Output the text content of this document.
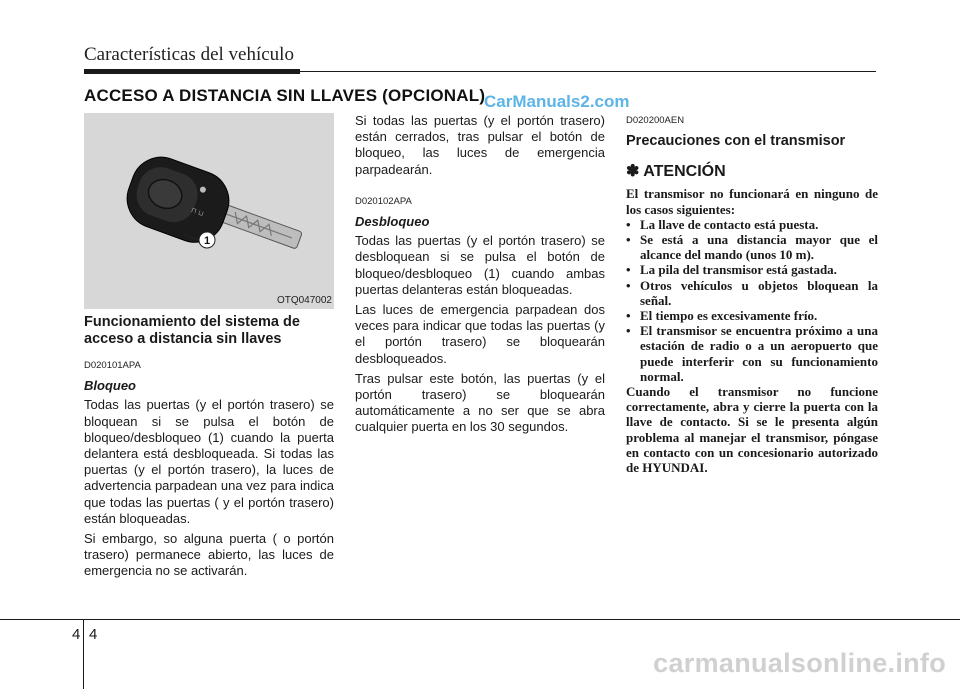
Características del vehículo
ACCESO A DISTANCIA SIN LLAVES (OPCIONAL)
CarManuals2.com
⊓ ⊔
1
OTQ047002
Funcionamiento del sistema de acceso a distancia sin llaves
D020101APA
Bloqueo

Todas las puertas (y el portón trasero) se bloquean si se pulsa el botón de bloqueo/desbloqueo (1) cuando la puerta delantera está desbloqueada. Si todas las puertas (y el portón trasero), la luces de advertencia parpadean una vez para indica que todas las puertas ( y el portón trasero) están bloqueadas.

Si embargo, so alguna puerta ( o portón trasero) permanece abierto, las luces de emergencia no se activarán.

Si todas las puertas (y el portón trasero) están cerrados, tras pulsar el botón de bloqueo, las luces de emergencia parpadearán.

D020102APA
Desbloqueo

Todas las puertas (y el portón trasero) se desbloquean si se pulsa el botón de bloqueo/desbloqueo (1) cuando ambas puertas delanteras están bloqueadas.

Las luces de emergencia parpadean dos veces para indicar que todas las puertas (y el portón trasero) se bloquearán desbloqueados.

Tras pulsar este botón, las puertas (y el portón trasero) se bloquearán automáticamente a no ser que se abra cualquier puerta en los 30 segundos.

D020200AEN
Precauciones con el transmisor
✽ ATENCIÓN

El transmisor no funcionará en ninguno de los casos siguientes:

• La llave de contacto está puesta.
• Se está a una distancia mayor que el alcance del mando (unos 10 m).
• La pila del transmisor está gastada.
• Otros vehículos u objetos bloquean la señal.
• El tiempo es excesivamente frío.
• El transmisor se encuentra próximo a una estación de radio o a un aeropuerto que puede interferir con su funcionamiento normal.

Cuando el transmisor no funcione correctamente, abra y cierre la puerta con la llave de contacto. Si se le presenta algún problema al manejar el transmisor, póngase en contacto con un concesionario autorizado de HYUNDAI.

4 4
carmanualsonline.info
